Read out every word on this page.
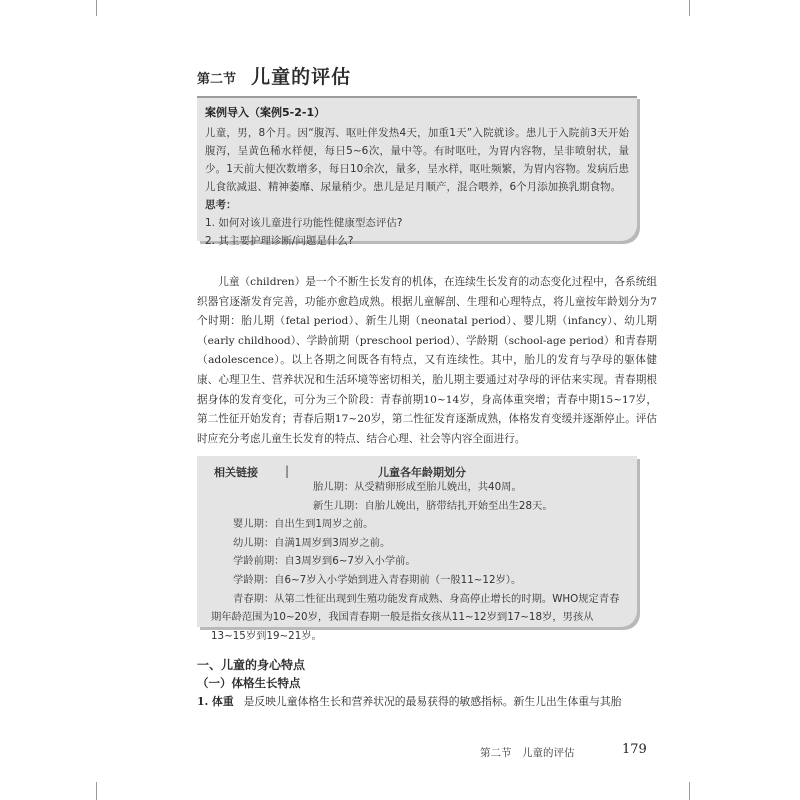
第二节 儿童的评估
案例导入（案例5-2-1）

儿童，男，8个月。因“腹泻、呕吐伴发热4天，加重1天”入院就诊。患儿于入院前3天开始腹泻，呈黄色稀水样便，每日5~6次，量中等。有时呕吐，为胃内容物，呈非喷射状，量少。1天前大便次数增多，每日10余次，量多，呈水样，呕吐频繁，为胃内容物。发病后患儿食欲减退、精神萎靡、尿量稍少。患儿是足月顺产，混合喂养，6个月添加换乳期食物。

思考：
1. 如何对该儿童进行功能性健康型态评估?
2. 其主要护理诊断/问题是什么?

儿童（children）是一个不断生长发育的机体，在连续生长发育的动态变化过程中，各系统组织器官逐渐发育完善，功能亦愈趋成熟。根据儿童解剖、生理和心理特点，将儿童按年龄划分为7个时期：胎儿期（fetal period）、新生儿期（neonatal period）、婴儿期（infancy）、幼儿期（early childhood）、学龄前期（preschool period）、学龄期（school-age period）和青春期（adolescence）。以上各期之间既各有特点，又有连续性。其中，胎儿的发育与孕母的躯体健康、心理卫生、营养状况和生活环境等密切相关，胎儿期主要通过对孕母的评估来实现。青春期根据身体的发育变化，可分为三个阶段：青春前期10~14岁，身高体重突增；青春中期15~17岁，第二性征开始发育；青春后期17~20岁，第二性征发育逐渐成熟，体格发育变缓并逐渐停止。评估时应充分考虑儿童生长发育的特点、结合心理、社会等内容全面进行。

相关链接 |	儿童各年龄期划分
胎儿期：从受精卵形成至胎儿娩出，共40周。
新生儿期：自胎儿娩出，脐带结扎开始至出生28天。
婴儿期：自出生到1周岁之前。
幼儿期：自满1周岁到3周岁之前。
学龄前期：自3周岁到6~7岁入小学前。
学龄期：自6~7岁入小学始到进入青春期前（一般11~12岁）。
青春期：从第二性征出现到生殖功能发育成熟、身高停止增长的时期。WHO规定青春期年龄范围为10~20岁，我国青春期一般是指女孩从11~12岁到17~18岁，男孩从13~15岁到19~21岁。
一、儿童的身心特点
（一）体格生长特点
1. 体重 是反映儿童体格生长和营养状况的最易获得的敏感指标。新生儿出生体重与其胎
第二节　儿童的评估	179
